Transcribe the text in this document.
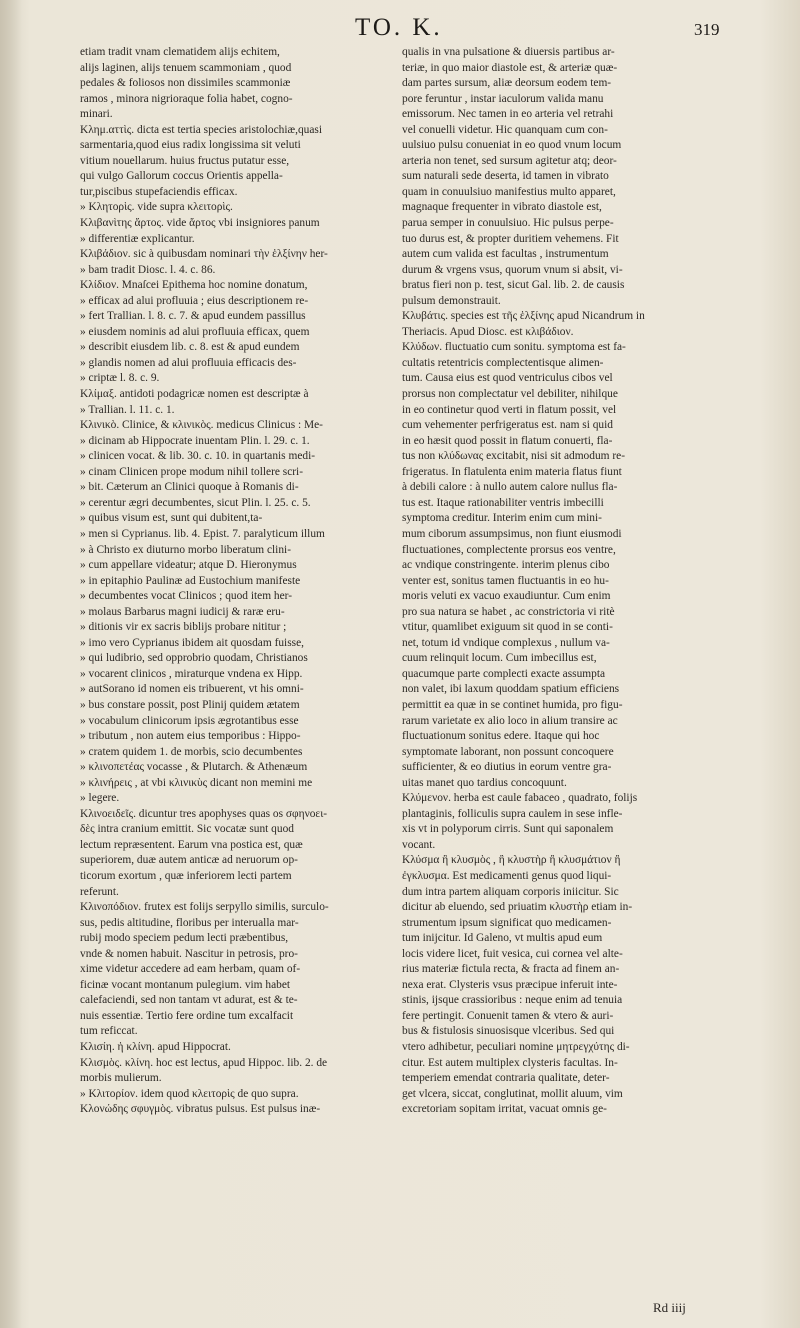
TO. K.	319
etiam tradit vnam clematidem alijs echitem,
alijs laginen, alijs tenuem scammoniam , quod
pedales & foliosos non dissimiles scammoniæ
ramos , minora nigrioraque folia habet, cogno-
minari.
Κλημ.αττὶς. dicta est tertia species aristolochiæ,quasi
sarmentaria,quod eius radix longissima sit veluti
vitium nouellarum. huius fructus putatur esse,
qui vulgo Gallorum coccus Orientis appella-
tur,piscibus stupefaciendis efficax.
» Κλητορὶς. vide supra κλειτορὶς.
Κλιβανὶτης ἄρτος. vide ἄρτος vbi insigniores panum
» differentiæ explicantur.
Κλιβάδιον. sic à quibusdam nominari τὴν ἑλξίνην her-
» bam tradit Diosc. l. 4. c. 86.
Κλίδιον. Mnaſcei Epithema hoc nomine donatum,
» efficax ad alui profluuia ; eius descriptionem re-
» fert Trallian. l. 8. c. 7. & apud eundem passillus
» eiusdem nominis ad alui profluuia efficax, quem
» describit eiusdem lib. c. 8. est & apud eundem
» glandis nomen ad alui profluuia efficacis des-
» criptæ l. 8. c. 9.
Κλίμαξ. antidoti podagricæ nomen est descriptæ à
» Trallian. l. 11. c. 1.
Κλινικὸ. Clinice, & κλινικὸς. medicus Clinicus : Me-
» dicinam ab Hippocrate inuentam Plin. l. 29. c. 1.
» clinicen vocat. & lib. 30. c. 10. in quartanis medi-
» cinam Clinicen prope modum nihil tollere scri-
» bit. Cæterum an Clinici quoque à Romanis di-
» cerentur ægri decumbentes, sicut Plin. l. 25. c. 5.
» quibus visum est, sunt qui dubitent,ta-
» men si Cyprianus. lib. 4. Epist. 7. paralyticum illum
» à Christo ex diuturno morbo liberatum clini-
» cum appellare videatur; atque D. Hieronymus
» in epitaphio Paulinæ ad Eustochium manifeste
» decumbentes vocat Clinicos ; quod item her-
» molaus Barbarus magni iudicij & raræ eru-
» ditionis vir ex sacris biblijs probare nititur ;
» imo vero Cyprianus ibidem ait quosdam fuisse,
» qui ludibrio, sed opprobrio quodam, Christianos
» vocarent clinicos , miraturque vndena ex Hipp.
» autSorano id nomen eis tribuerent, vt his omni-
» bus constare possit, post Plinij quidem ætatem
» vocabulum clinicorum ipsis ægrotantibus esse
» tributum , non autem eius temporibus : Hippo-
» cratem quidem 1. de morbis, scio decumbentes
» κλινοπετέας vocasse , & Plutarch. & Athenæum
» κλινήρεις , at vbi κλινικὺς dicant non memini me
» legere.
Κλινοειδεῖς. dicuntur tres apophyses quas os σφηνοει-
δὲς intra cranium emittit. Sic vocatæ sunt quod
lectum repræsentent. Earum vna postica est, quæ
superiorem, duæ autem anticæ ad neruorum op-
ticorum exortum , quæ inferiorem lecti partem
referunt.
Κλινοπόδιον. frutex est folijs serpyllo similis, surculo-
sus, pedis altitudine, floribus per interualla mar-
rubij modo speciem pedum lecti præbentibus,
vnde & nomen habuit. Nascitur in petrosis, pro-
xime videtur accedere ad eam herbam, quam of-
ficinæ vocant montanum pulegium. vim habet
calefaciendi, sed non tantam vt adurat, est & te-
nuis essentiæ. Tertio fere ordine tum excalfacit
tum reficcat.
Κλισίη. ἡ κλίνη. apud Hippocrat.
Κλισμὸς. κλίνη. hoc est lectus, apud Hippoc. lib. 2. de
morbis mulierum.
» Κλιτορίον. idem quod κλειτορὶς de quo supra.
Κλονώδης σφυγμὸς. vibratus pulsus. Est pulsus inæ-
qualis in vna pulsatione & diuersis partibus ar-
teriæ, in quo maior diastole est, & arteriæ quæ-
dam partes sursum, aliæ deorsum eodem tem-
pore feruntur , instar iaculorum valida manu
emissorum. Nec tamen in eo arteria vel retrahi
vel conuelli videtur. Hic quanquam cum con-
uulsiuo pulsu conueniat in eo quod vnum locum
arteria non tenet, sed sursum agitetur atq; deor-
sum naturali sede deserta, id tamen in vibrato
quam in conuulsiuo manifestius multo apparet,
magnaque frequenter in vibrato diastole est,
parua semper in conuulsiuo. Hic pulsus perpe-
tuo durus est, & propter duritiem vehemens. Fit
autem cum valida est facultas , instrumentum
durum & vrgens vsus, quorum vnum si absit, vi-
bratus fieri non p. test, sicut Gal. lib. 2. de causis
pulsum demonstrauit.
Κλυβάτις. species est τῆς ἑλξίνης apud Nicandrum in
Theriacis. Apud Diosc. est κλιβάδιον.
Κλύδων. fluctuatio cum sonitu. symptoma est fa-
cultatis retentricis complectentisque alimen-
tum. Causa eius est quod ventriculus cibos vel
prorsus non complectatur vel debiliter, nihilque
in eo continetur quod verti in flatum possit, vel
cum vehementer perfrigeratus est. nam si quid
in eo hæsit quod possit in flatum conuerti, fla-
tus non κλύδωνας excitabit, nisi sit admodum re-
frigeratus. In flatulenta enim materia flatus fiunt
à debili calore : à nullo autem calore nullus fla-
tus est. Itaque rationabiliter ventris imbecilli
symptoma creditur. Interim enim cum mini-
mum ciborum assumpsimus, non fiunt eiusmodi
fluctuationes, complectente prorsus eos ventre,
ac vndique constringente. interim plenus cibo
venter est, sonitus tamen fluctuantis in eo hu-
moris veluti ex vacuo exaudiuntur. Cum enim
pro sua natura se habet , ac constrictoria vi ritè
vtitur, quamlibet exiguum sit quod in se conti-
net, totum id vndique complexus , nullum va-
cuum relinquit locum. Cum imbecillus est,
quacumque parte complecti exacte assumpta
non valet, ibi laxum quoddam spatium efficiens
permittit ea quæ in se continet humida, pro figu-
rarum varietate ex alio loco in alium transire ac
fluctuationum sonitus edere. Itaque qui hoc
symptomate laborant, non possunt concoquere
sufficienter, & eo diutius in eorum ventre gra-
uitas manet quo tardius concoquunt.
Κλύμενον. herba est caule fabaceo , quadrato, folijs
plantaginis, folliculis supra caulem in sese infle-
xis vt in polyporum cirris. Sunt qui saponalem
vocant.
Κλύσμα ἢ κλυσμὸς , ἢ κλυστὴρ ἢ κλυσμάτιον ἢ
ἐγκλυσμα. Est medicamenti genus quod liqui-
dum intra partem aliquam corporis iniicitur. Sic
dicitur ab eluendo, sed priuatim κλυστὴρ etiam in-
strumentum ipsum significat quo medicamen-
tum inijcitur. Id Galeno, vt multis apud eum
locis videre licet, fuit vesica, cui cornea vel alte-
rius materiæ fictula recta, & fracta ad finem an-
nexa erat. Clysteris vsus præcipue inferuit inte-
stinis, ijsque crassioribus : neque enim ad tenuia
fere pertingit. Conuenit tamen & vtero & auri-
bus & fistulosis sinuosisque vlceribus. Sed qui
vtero adhibetur, peculiari nomine μητρεγχύτης di-
citur. Est autem multiplex clysteris facultas. In-
temperiem emendat contraria qualitate, deter-
get vlcera, siccat, conglutinat, mollit aluum, vim
excretoriam sopitam irritat, vacuat omnis ge-
Rd iiij
